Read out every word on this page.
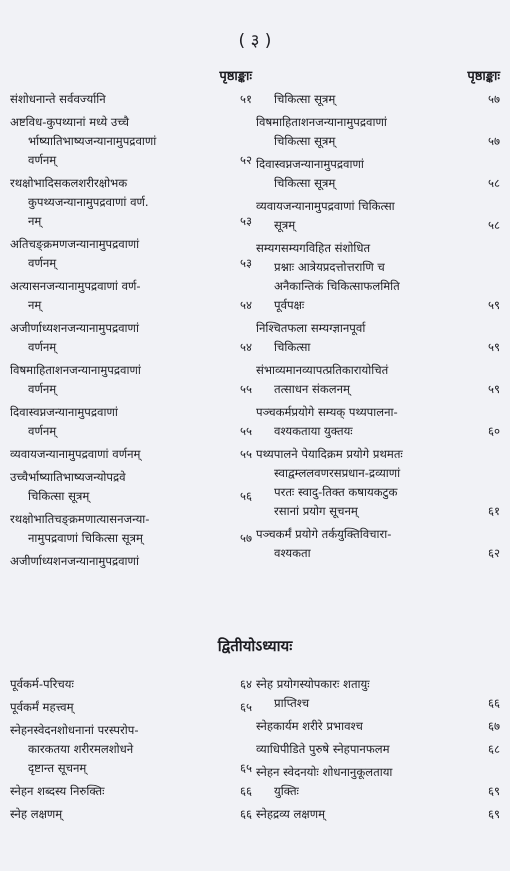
( ३ )
पृष्ठाङ्काः
संशोधनान्ते सर्ववर्ज्यानि	५१
अष्टविध-कुपथ्यानां मध्ये उच्चै

र्भाष्यातिभाष्यजन्यानामुपद्रवाणां
वर्णनम्	५२
रथक्षोभादिसकलशरीरक्षोभक

कुपथ्यजन्यानामुपद्रवाणां वर्ण.
नम्	५३
अतिचङ्क्रमणजन्यानामुपद्रवाणां

वर्णनम्	५३
अत्यासनजन्यानामुपद्रवाणां वर्ण-

नम्	५४
अजीर्णाध्यशनजन्यानामुपद्रवाणां

वर्णनम्	५४
विषमाहिताशनजन्यानामुपद्रवाणां

वर्णनम्	५५
दिवास्वप्नजन्यानामुपद्रवाणां

वर्णनम्	५५
व्यवायजन्यानामुपद्रवाणां वर्णनम्	५५
उच्चैर्भाष्यातिभाष्यजन्योपद्रवे

चिकित्सा सूत्रम्	५६
रथक्षोभातिचङ्क्रमणात्यासनजन्या-

नामुपद्रवाणां चिकित्सा सूत्रम्	५७
अजीर्णाध्यशनजन्यानामुपद्रवाणां
पृष्ठाङ्काः
चिकित्सा सूत्रम्	५७
विषमाहिताशनजन्यानामुपद्रवाणां

चिकित्सा सूत्रम्	५७
दिवास्वप्नजन्यानामुपद्रवाणां

चिकित्सा सूत्रम्	५८
व्यवायजन्यानामुपद्रवाणां चिकित्सा

सूत्रम्	५८
सम्यगसम्यगविहित संशोधित

प्रश्नाः आत्रेयप्रदत्तोत्तराणि च
अनैकान्तिकं चिकित्साफलमिति
पूर्वपक्षः	५९
निश्चितफला सम्यग्ज्ञानपूर्वा

चिकित्सा	५९
संभाव्यमानव्यापत्प्रतिकारायोचितं

तत्साधन संकलनम्	५९
पञ्चकर्मप्रयोगे सम्यक् पथ्यपालना-

वश्यकताया युक्तयः	६०
पथ्यपालने पेयादिक्रम प्रयोगे प्रथमतः

स्वाद्वम्ललवणरसप्रधान-द्रव्याणां
परतः स्वादु-तिक्त कषायकटुक
रसानां प्रयोग सूचनम्	६१
पञ्चकर्मं प्रयोगे तर्कयुक्तिविचारा-

वश्यकता	६२
द्वितीयोऽध्यायः
पूर्वकर्म-परिचयः	६४
पूर्वकर्मं महत्त्वम्	६५
स्नेहनस्वेदनशोधनानां परस्परोप-

कारकतया शरीरमलशोधने
दृष्टान्त सूचनम्	६५
स्नेहन शब्दस्य निरुक्तिः	६६
स्नेह लक्षणम्	६६
स्नेह प्रयोगस्योपकारः शतायुः

प्राप्तिश्च	६६
स्नेहकार्यम शरीरे प्रभावश्च	६७
व्याधिपीडिते पुरुषे स्नेहपानफलम	६८
स्नेहन स्वेदनयोः शोधनानुकूलताया

युक्तिः	६९
स्नेहद्रव्य लक्षणम्	६९
